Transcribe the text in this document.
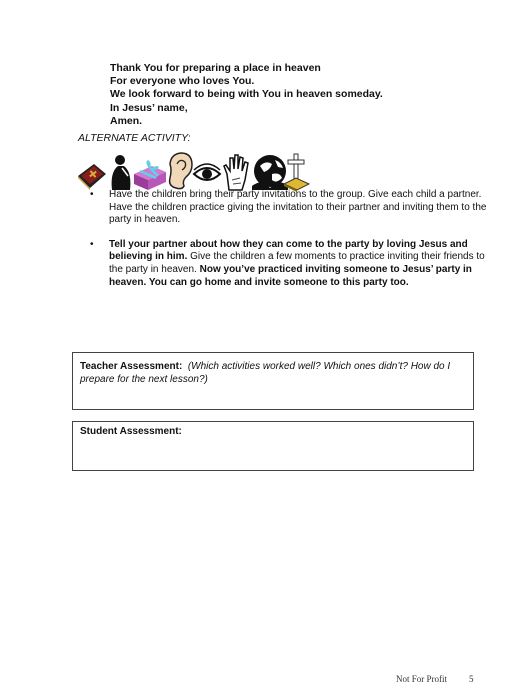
Thank You for preparing a place in heaven
For everyone who loves You.
We look forward to being with You in heaven someday.
In Jesus’ name,
Amen.
ALTERNATE ACTIVITY:
• Have the children bring their party invitations to the group. Give each child a partner. Have the children practice giving the invitation to their partner and inviting them to the party in heaven.
• Tell your partner about how they can come to the party by loving Jesus and believing in him. Give the children a few moments to practice inviting their friends to the party in heaven. Now you’ve practiced inviting someone to Jesus’ party in heaven. You can go home and invite someone to this party too.
Teacher Assessment: (Which activities worked well? Which ones didn’t? How do I prepare for the next lesson?)
Student Assessment:
Not For Profit 5
